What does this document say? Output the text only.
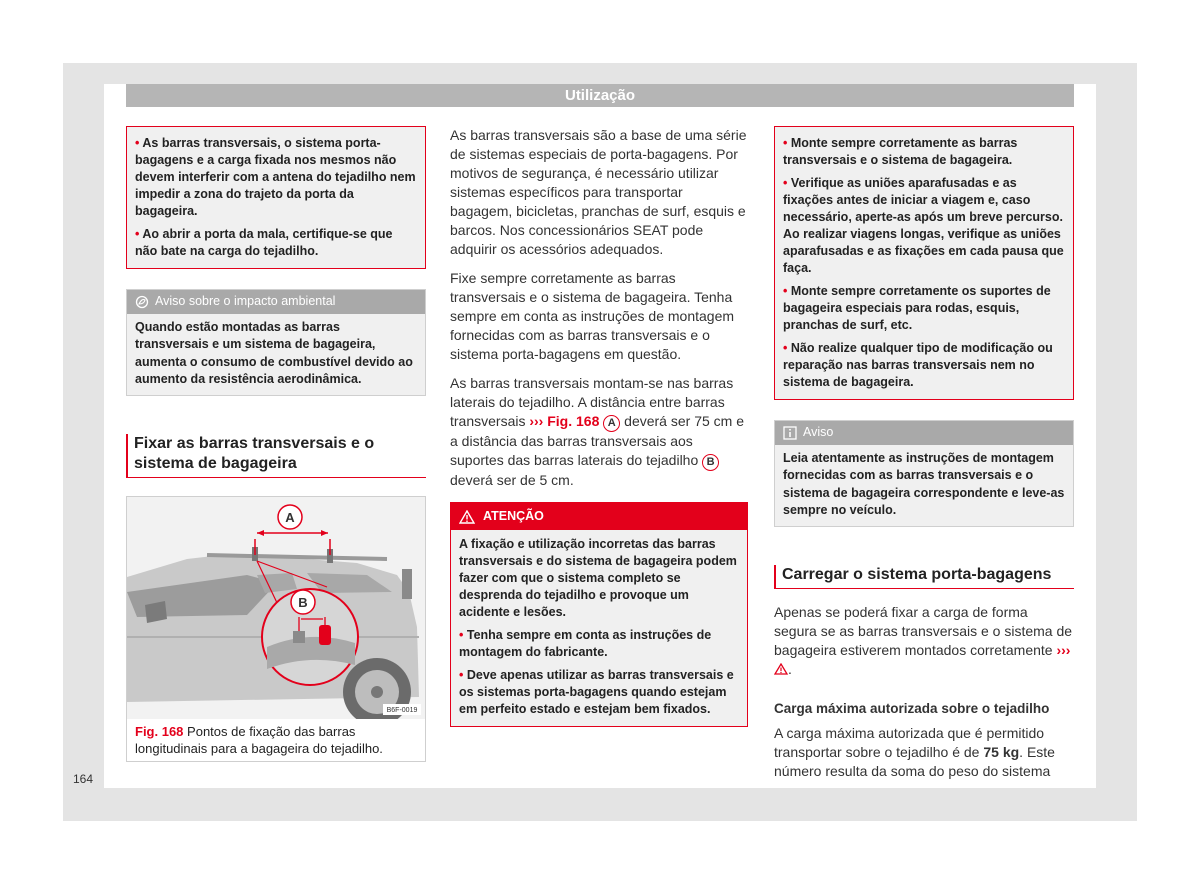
Utilização

• As barras transversais, o sistema porta-bagagens e a carga fixada nos mesmos não devem interferir com a antena do tejadilho nem impedir a zona do trajeto da porta da bagageira.

• Ao abrir a porta da mala, certifique-se que não bate na carga do tejadilho.

Aviso sobre o impacto ambiental
Quando estão montadas as barras transversais e um sistema de bagageira, aumenta o consumo de combustível devido ao aumento da resistência aerodinâmica.
Fixar as barras transversais e o sistema de bagageira
A
B
B6F-0019
Fig. 168 Pontos de fixação das barras longitudinais para a bagageira do tejadilho.

As barras transversais são a base de uma série de sistemas especiais de porta-bagagens. Por motivos de segurança, é necessário utilizar sistemas específicos para transportar bagagem, bicicletas, pranchas de surf, esquis e barcos. Nos concessionários SEAT pode adquirir os acessórios adequados.

Fixe sempre corretamente as barras transversais e o sistema de bagageira. Tenha sempre em conta as instruções de montagem fornecidas com as barras transversais e o sistema porta-bagagens em questão.

As barras transversais montam-se nas barras laterais do tejadilho. A distância entre barras transversais ››› Fig. 168 A deverá ser 75 cm e a distância das barras transversais aos suportes das barras laterais do tejadilho B deverá ser de 5 cm.

ATENÇÃO

A fixação e utilização incorretas das barras transversais e do sistema de bagageira podem fazer com que o sistema completo se desprenda do tejadilho e provoque um acidente e lesões.

• Tenha sempre em conta as instruções de montagem do fabricante.

• Deve apenas utilizar as barras transversais e os sistemas porta-bagagens quando estejam em perfeito estado e estejam bem fixados.

• Monte sempre corretamente as barras transversais e o sistema de bagageira.

• Verifique as uniões aparafusadas e as fixações antes de iniciar a viagem e, caso necessário, aperte-as após um breve percurso. Ao realizar viagens longas, verifique as uniões aparafusadas e as fixações em cada pausa que faça.

• Monte sempre corretamente os suportes de bagageira especiais para rodas, esquis, pranchas de surf, etc.

• Não realize qualquer tipo de modificação ou reparação nas barras transversais nem no sistema de bagageira.

Aviso
Leia atentamente as instruções de montagem fornecidas com as barras transversais e o sistema de bagageira correspondente e leve-as sempre no veículo.
Carregar o sistema porta-bagagens

Apenas se poderá fixar a carga de forma segura se as barras transversais e o sistema de bagageira estiverem montados corretamente ››› .

Carga máxima autorizada sobre o tejadilho

A carga máxima autorizada que é permitido transportar sobre o tejadilho é de 75 kg. Este número resulta da soma do peso do sistema

164
